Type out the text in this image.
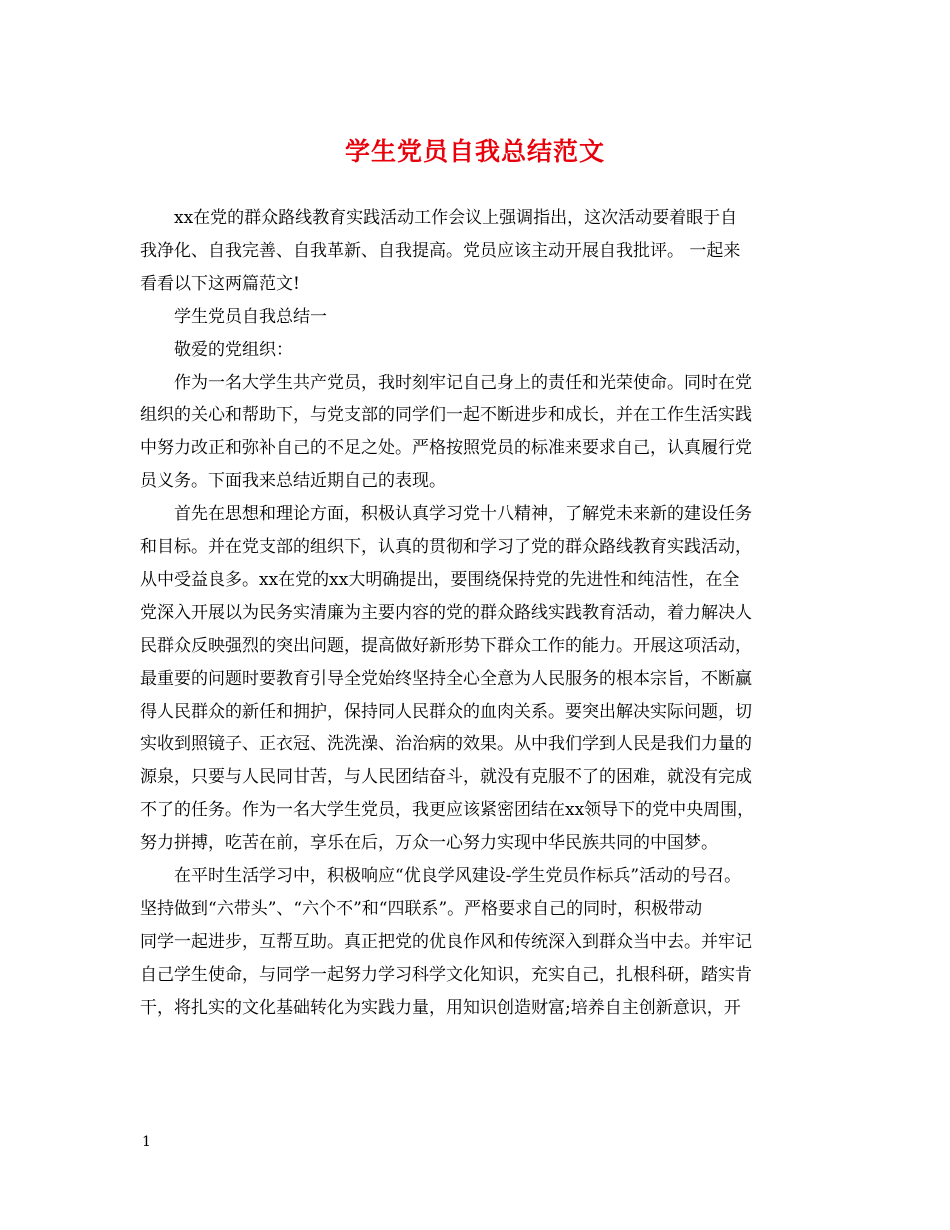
学生党员自我总结范文
　　xx在党的群众路线教育实践活动工作会议上强调指出，这次活动要着眼于自
我净化、自我完善、自我革新、自我提高。党员应该主动开展自我批评。 一起来
看看以下这两篇范文!
　　学生党员自我总结一
　　敬爱的党组织：
　　作为一名大学生共产党员，我时刻牢记自己身上的责任和光荣使命。同时在党
组织的关心和帮助下，与党支部的同学们一起不断进步和成长，并在工作生活实践
中努力改正和弥补自己的不足之处。严格按照党员的标准来要求自己，认真履行党
员义务。下面我来总结近期自己的表现。
　　首先在思想和理论方面，积极认真学习党十八精神，了解党未来新的建设任务
和目标。并在党支部的组织下，认真的贯彻和学习了党的群众路线教育实践活动，
从中受益良多。xx在党的xx大明确提出，要围绕保持党的先进性和纯洁性，在全
党深入开展以为民务实清廉为主要内容的党的群众路线实践教育活动，着力解决人
民群众反映强烈的突出问题，提高做好新形势下群众工作的能力。开展这项活动，
最重要的问题时要教育引导全党始终坚持全心全意为人民服务的根本宗旨，不断赢
得人民群众的新任和拥护，保持同人民群众的血肉关系。要突出解决实际问题，切
实收到照镜子、正衣冠、洗洗澡、治治病的效果。从中我们学到人民是我们力量的
源泉，只要与人民同甘苦，与人民团结奋斗，就没有克服不了的困难，就没有完成
不了的任务。作为一名大学生党员，我更应该紧密团结在xx领导下的党中央周围，
努力拼搏，吃苦在前，享乐在后，万众一心努力实现中华民族共同的中国梦。
　　在平时生活学习中，积极响应“优良学风建设-学生党员作标兵”活动的号召。
坚持做到“六带头”、“六个不”和“四联系”。严格要求自己的同时，积极带动
同学一起进步，互帮互助。真正把党的优良作风和传统深入到群众当中去。并牢记
自己学生使命，与同学一起努力学习科学文化知识，充实自己，扎根科研，踏实肯
干，将扎实的文化基础转化为实践力量，用知识创造财富;培养自主创新意识，开
1
